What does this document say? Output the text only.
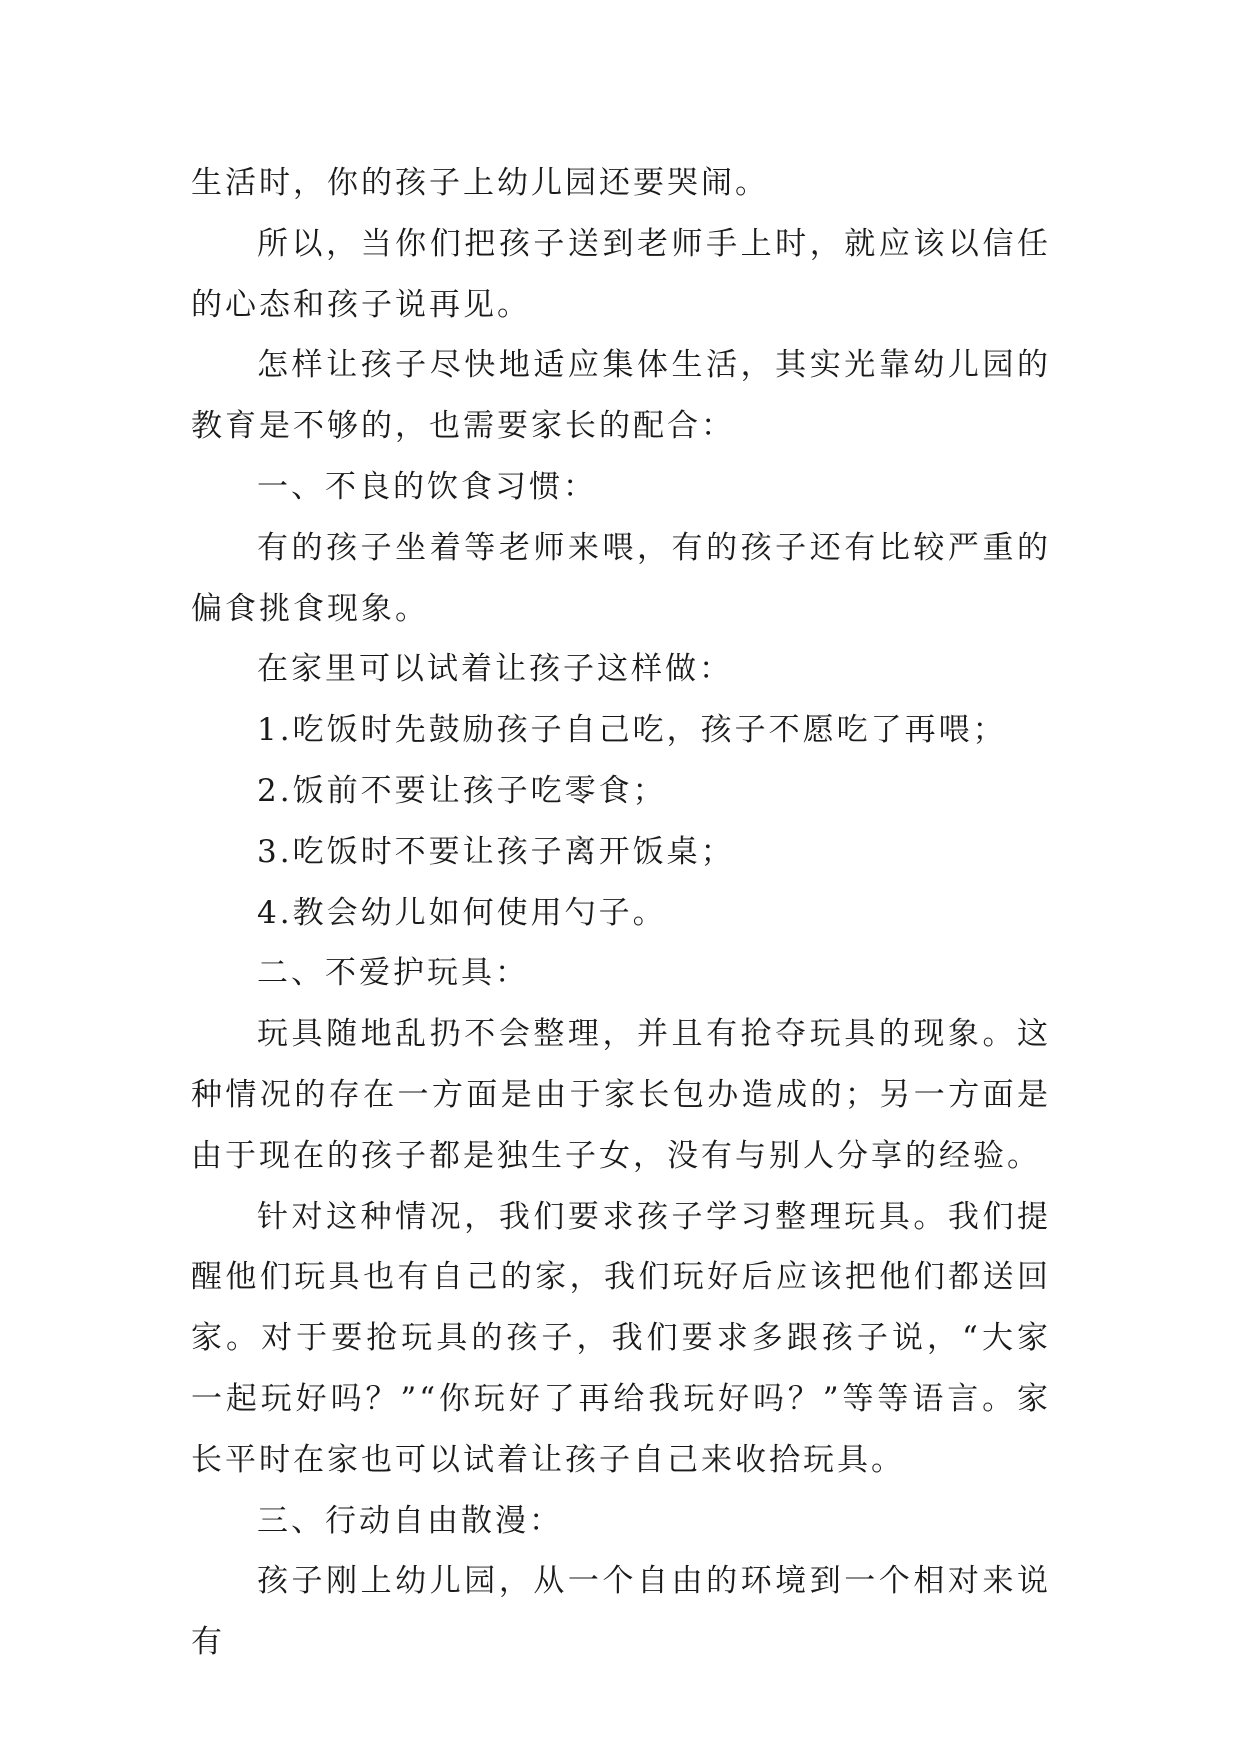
生活时，你的孩子上幼儿园还要哭闹。

所以，当你们把孩子送到老师手上时，就应该以信任的心态和孩子说再见。

怎样让孩子尽快地适应集体生活，其实光靠幼儿园的教育是不够的，也需要家长的配合：

一、不良的饮食习惯：

有的孩子坐着等老师来喂，有的孩子还有比较严重的偏食挑食现象。

在家里可以试着让孩子这样做：

1.吃饭时先鼓励孩子自己吃，孩子不愿吃了再喂；

2.饭前不要让孩子吃零食；

3.吃饭时不要让孩子离开饭桌；

4.教会幼儿如何使用勺子。

二、不爱护玩具：

玩具随地乱扔不会整理，并且有抢夺玩具的现象。这种情况的存在一方面是由于家长包办造成的；另一方面是由于现在的孩子都是独生子女，没有与别人分享的经验。

针对这种情况，我们要求孩子学习整理玩具。我们提醒他们玩具也有自己的家，我们玩好后应该把他们都送回家。对于要抢玩具的孩子，我们要求多跟孩子说，“大家一起玩好吗？”“你玩好了再给我玩好吗？”等等语言。家长平时在家也可以试着让孩子自己来收拾玩具。

三、行动自由散漫：

孩子刚上幼儿园，从一个自由的环境到一个相对来说有
